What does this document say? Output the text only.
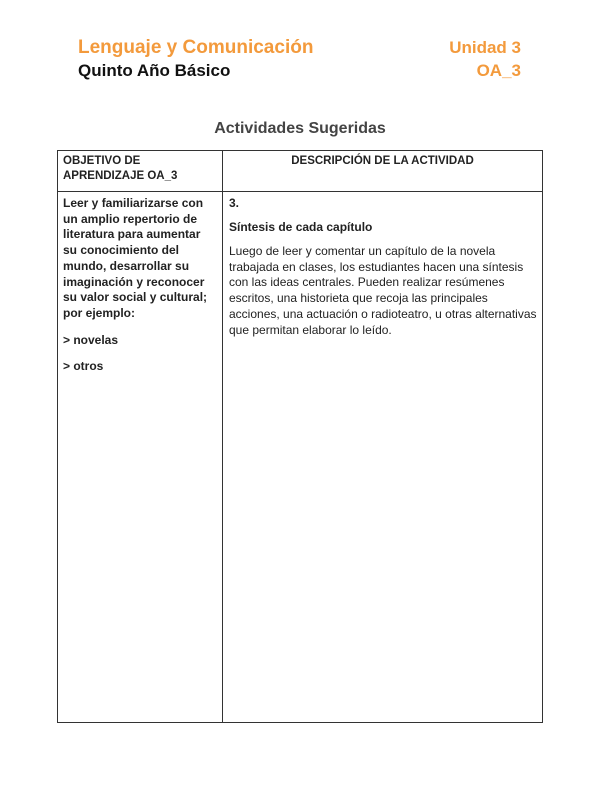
Lenguaje y Comunicación
Quinto Año Básico
Unidad 3
OA_3
Actividades Sugeridas
OBJETIVO DE APRENDIZAJE OA_3
DESCRIPCIÓN DE LA ACTIVIDAD
Leer y familiarizarse con un amplio repertorio de literatura para aumentar su conocimiento del mundo, desarrollar su imaginación y reconocer su valor social y cultural; por ejemplo:
> novelas
> otros
3.
Síntesis de cada capítulo
Luego de leer y comentar un capítulo de la novela trabajada en clases, los estudiantes hacen una síntesis con las ideas centrales. Pueden realizar resúmenes escritos, una historieta que recoja las principales acciones, una actuación o radioteatro, u otras alternativas que permitan elaborar lo leído.
